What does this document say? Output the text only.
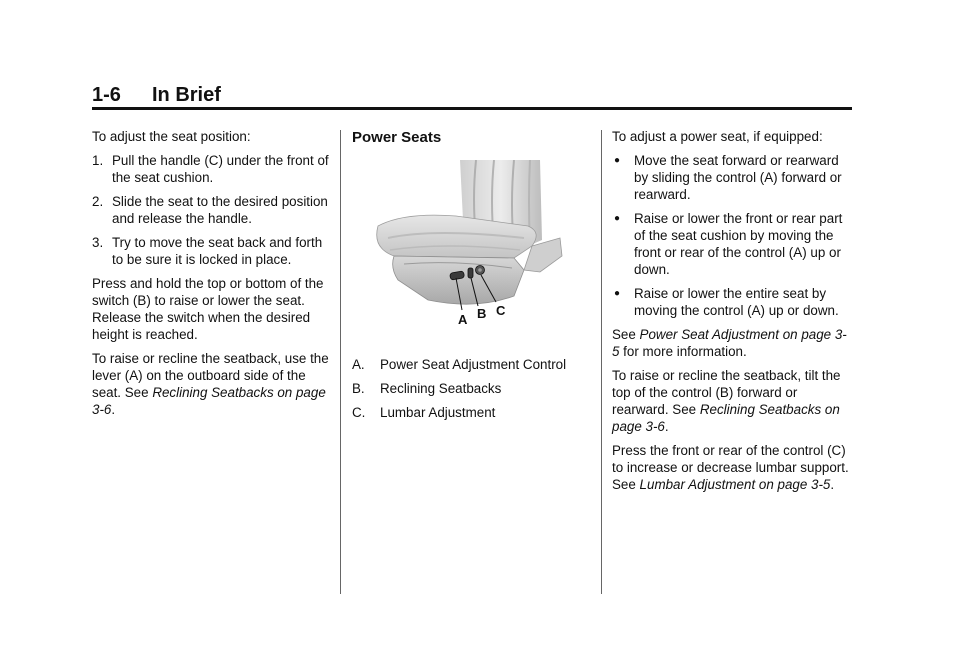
1-6 In Brief

To adjust the seat position:

1. Pull the handle (C) under the front of the seat cushion.
2. Slide the seat to the desired position and release the handle.
3. Try to move the seat back and forth to be sure it is locked in place.

Press and hold the top or bottom of the switch (B) to raise or lower the seat. Release the switch when the desired height is reached.

To raise or recline the seatback, use the lever (A) on the outboard side of the seat. See Reclining Seatbacks on page 3-6.

Power Seats
A B C
A.	Power Seat Adjustment Control
B.	Reclining Seatbacks
C.	Lumbar Adjustment

To adjust a power seat, if equipped:

●	Move the seat forward or rearward by sliding the control (A) forward or rearward.
●	Raise or lower the front or rear part of the seat cushion by moving the front or rear of the control (A) up or down.
●	Raise or lower the entire seat by moving the control (A) up or down.

See Power Seat Adjustment on page 3-5 for more information.

To raise or recline the seatback, tilt the top of the control (B) forward or rearward. See Reclining Seatbacks on page 3-6.

Press the front or rear of the control (C) to increase or decrease lumbar support. See Lumbar Adjustment on page 3-5.
